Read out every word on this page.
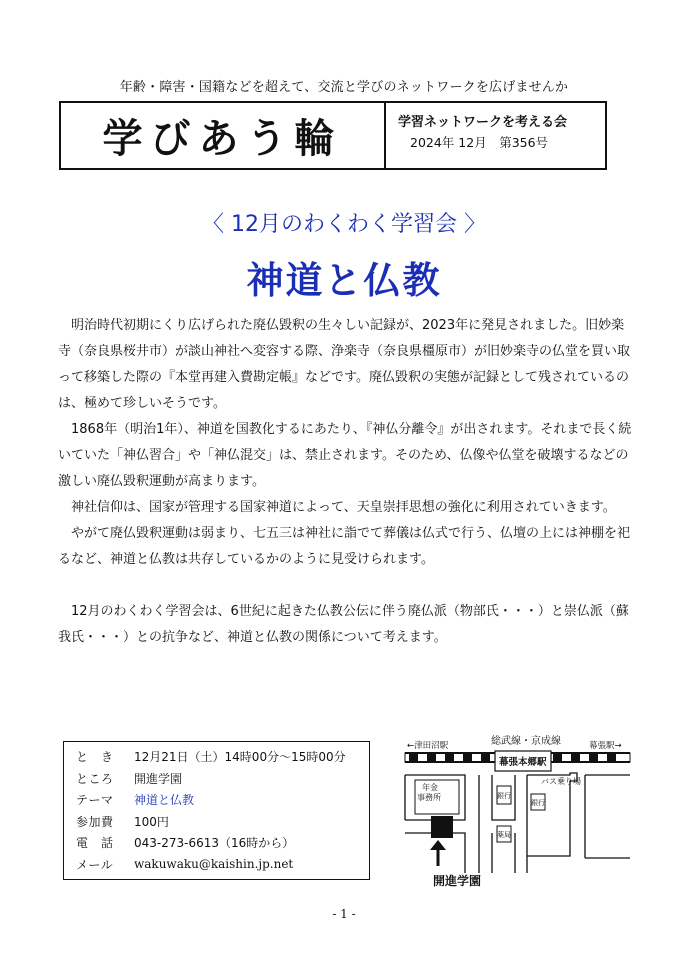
年齢・障害・国籍などを超えて、交流と学びのネットワークを広げませんか
学びあう輪	学習ネットワークを考える会
2024年 12月　第356号
〈 12月のわくわく学習会 〉
神道と仏教

明治時代初期にくり広げられた廃仏毀釈の生々しい記録が、2023年に発見されました。旧妙楽寺（奈良県桜井市）が談山神社へ変容する際、浄楽寺（奈良県橿原市）が旧妙楽寺の仏堂を買い取って移築した際の『本堂再建入費勘定帳』などです。廃仏毀釈の実態が記録として残されているのは、極めて珍しいそうです。

1868年（明治1年）、神道を国教化するにあたり、『神仏分離令』が出されます。それまで長く続いていた「神仏習合」や「神仏混交」は、禁止されます。そのため、仏像や仏堂を破壊するなどの激しい廃仏毀釈運動が高まります。

神社信仰は、国家が管理する国家神道によって、天皇崇拝思想の強化に利用されていきます。

やがて廃仏毀釈運動は弱まり、七五三は神社に詣でて葬儀は仏式で行う、仏壇の上には神棚を祀るなど、神道と仏教は共存しているかのように見受けられます。

12月のわくわく学習会は、6世紀に起きた仏教公伝に伴う廃仏派（物部氏・・・）と崇仏派（蘇我氏・・・）との抗争など、神道と仏教の関係について考えます。

と　き	12月21日（土）14時00分～15時00分
ところ	開進学園
テーマ	神道と仏教
参加費	100円
電　話	043-273-6613（16時から）
メール	wakuwaku@kaishin.jp.net
←津田沼駅	総武線・京成線	幕張駅→
幕張本郷駅
年金
事務所	銀行
薬局
バス乗り場
銀行
開進学園
- 1 -
